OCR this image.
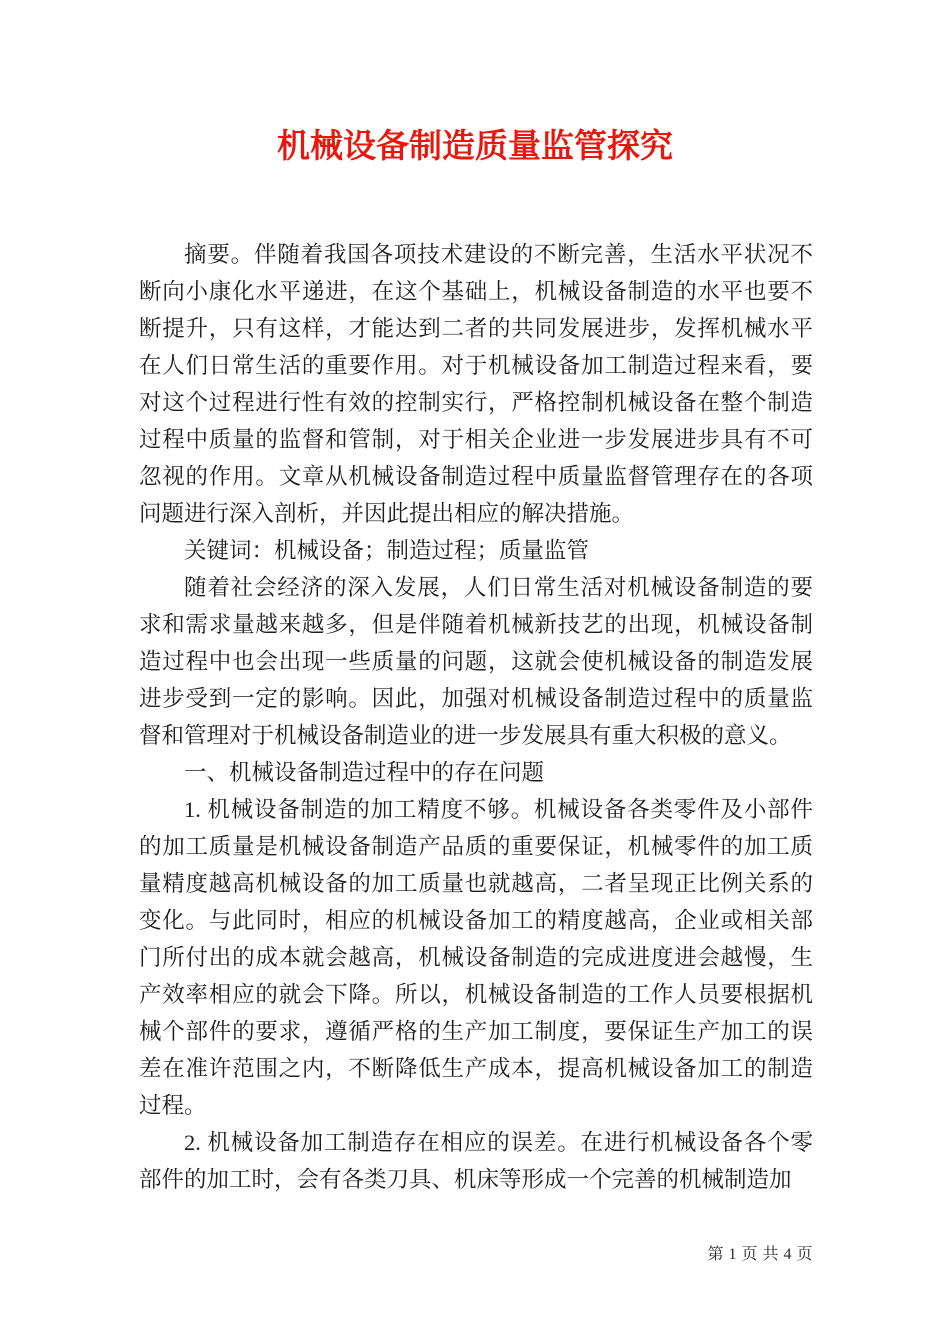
机械设备制造质量监管探究

摘要。伴随着我国各项技术建设的不断完善，生活水平状况不断向小康化水平递进，在这个基础上，机械设备制造的水平也要不断提升，只有这样，才能达到二者的共同发展进步，发挥机械水平在人们日常生活的重要作用。对于机械设备加工制造过程来看，要对这个过程进行性有效的控制实行，严格控制机械设备在整个制造过程中质量的监督和管制，对于相关企业进一步发展进步具有不可忽视的作用。文章从机械设备制造过程中质量监督管理存在的各项问题进行深入剖析，并因此提出相应的解决措施。

关键词：机械设备；制造过程；质量监管

随着社会经济的深入发展，人们日常生活对机械设备制造的要求和需求量越来越多，但是伴随着机械新技艺的出现，机械设备制造过程中也会出现一些质量的问题，这就会使机械设备的制造发展进步受到一定的影响。因此，加强对机械设备制造过程中的质量监督和管理对于机械设备制造业的进一步发展具有重大积极的意义。

一、机械设备制造过程中的存在问题

1. 机械设备制造的加工精度不够。机械设备各类零件及小部件的加工质量是机械设备制造产品质的重要保证，机械零件的加工质量精度越高机械设备的加工质量也就越高，二者呈现正比例关系的变化。与此同时，相应的机械设备加工的精度越高，企业或相关部门所付出的成本就会越高，机械设备制造的完成进度进会越慢，生产效率相应的就会下降。所以，机械设备制造的工作人员要根据机械个部件的要求，遵循严格的生产加工制度，要保证生产加工的误差在准许范围之内，不断降低生产成本，提高机械设备加工的制造过程。

2. 机械设备加工制造存在相应的误差。在进行机械设备各个零部件的加工时，会有各类刀具、机床等形成一个完善的机械制造加

第 1 页 共 4 页
